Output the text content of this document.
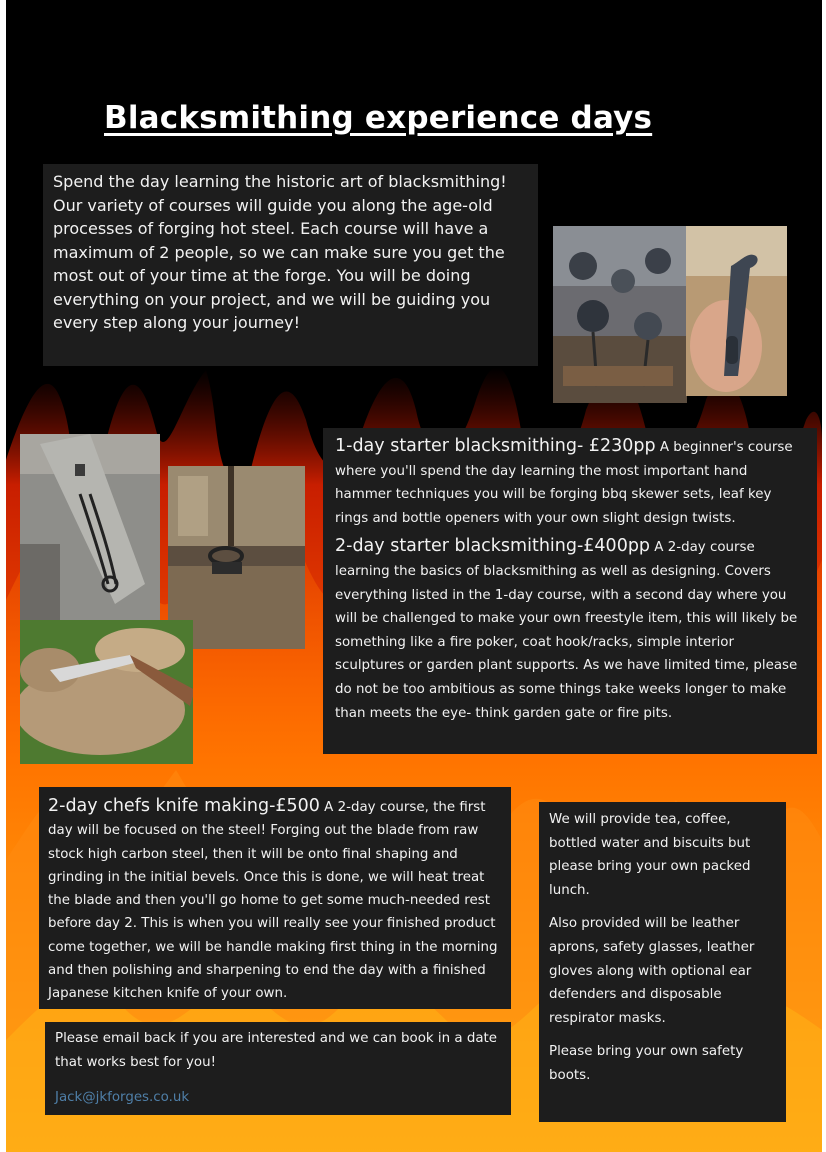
Blacksmithing experience days
Spend the day learning the historic art of blacksmithing! Our variety of courses will guide you along the age-old processes of forging hot steel. Each course will have a maximum of 2 people, so we can make sure you get the most out of your time at the forge. You will be doing everything on your project, and we will be guiding you every step along your journey!

1-day starter blacksmithing- £230pp A beginner's course where you'll spend the day learning the most important hand hammer techniques you will be forging bbq skewer sets, leaf key rings and bottle openers with your own slight design twists.

2-day starter blacksmithing-£400pp A 2-day course learning the basics of blacksmithing as well as designing. Covers everything listed in the 1-day course, with a second day where you will be challenged to make your own freestyle item, this will likely be something like a fire poker, coat hook/racks, simple interior sculptures or garden plant supports. As we have limited time, please do not be too ambitious as some things take weeks longer to make than meets the eye- think garden gate or fire pits.

2-day chefs knife making-£500 A 2-day course, the first day will be focused on the steel! Forging out the blade from raw stock high carbon steel, then it will be onto final shaping and grinding in the initial bevels. Once this is done, we will heat treat the blade and then you'll go home to get some much-needed rest before day 2. This is when you will really see your finished product come together, we will be handle making first thing in the morning and then polishing and sharpening to end the day with a finished Japanese kitchen knife of your own.
Please email back if you are interested and we can book in a date that works best for you!
Jack@jkforges.co.uk

We will provide tea, coffee, bottled water and biscuits but please bring your own packed lunch.

Also provided will be leather aprons, safety glasses, leather gloves along with optional ear defenders and disposable respirator masks.

Please bring your own safety boots.
